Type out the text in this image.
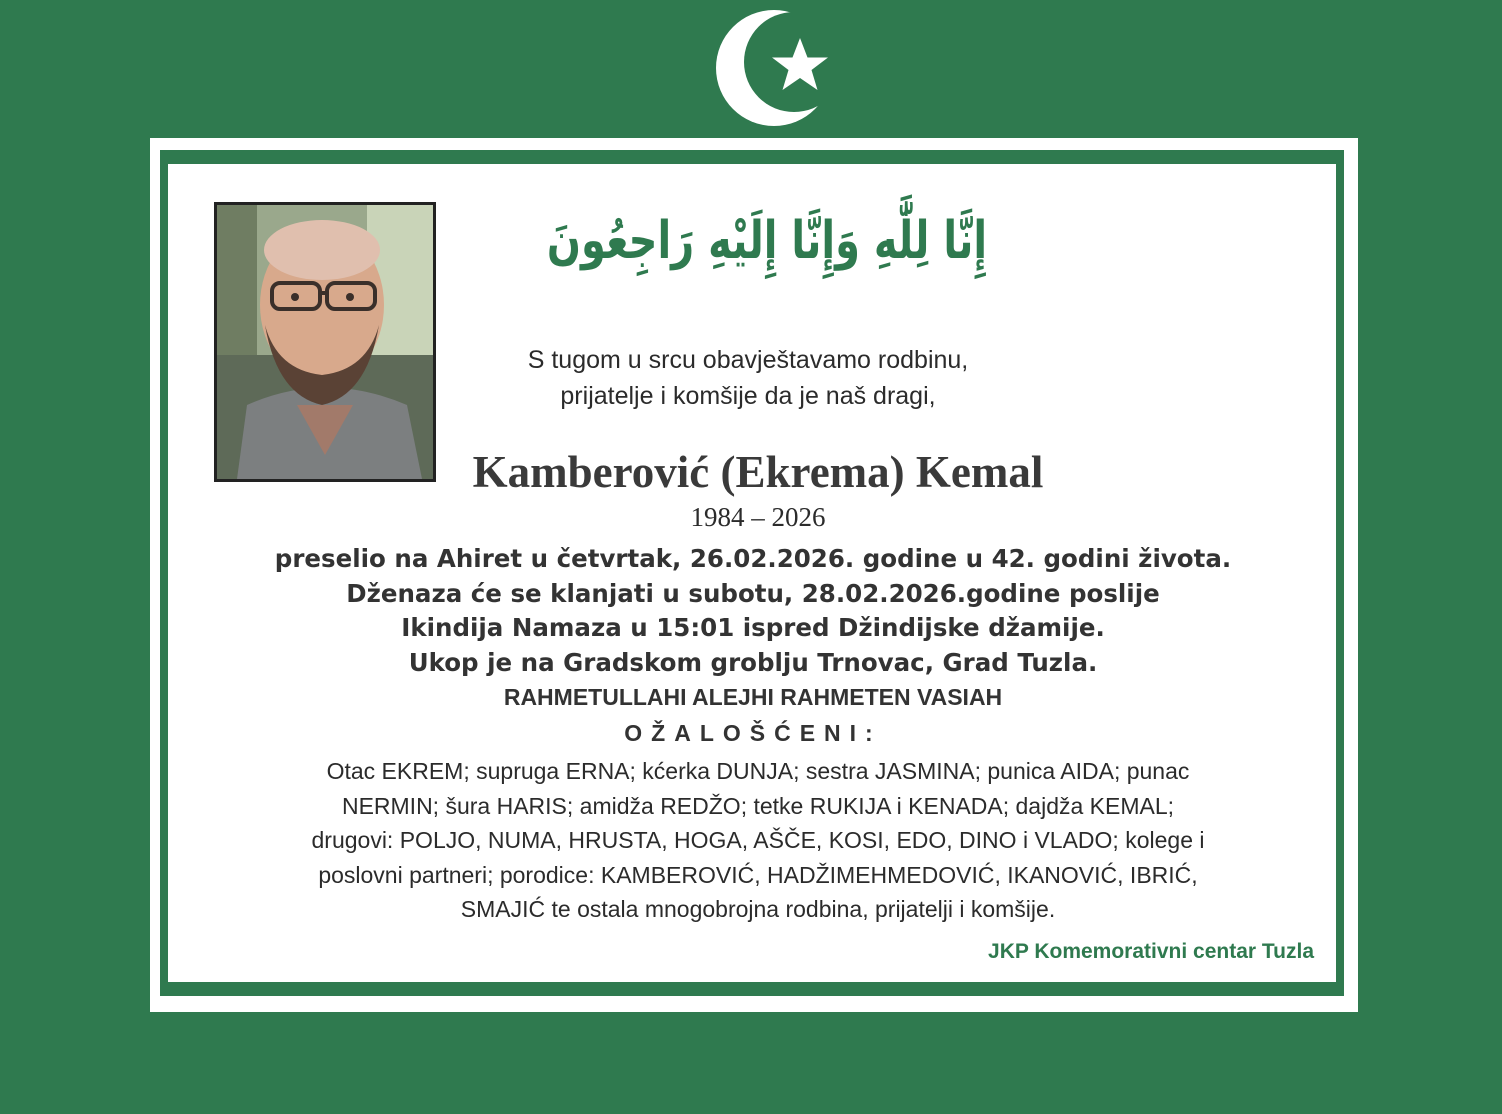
إِنَّا لِلَّٰهِ وَإِنَّا إِلَيْهِ رَاجِعُونَ
S tugom u srcu obavještavamo rodbinu,
prijatelje i komšije da je naš dragi,
Kamberović (Ekrema) Kemal
1984 – 2026
preselio na Ahiret u četvrtak, 26.02.2026. godine u 42. godini života.
Dženaza će se klanjati u subotu, 28.02.2026.godine poslije
Ikindija Namaza u 15:01 ispred Džindijske džamije.
Ukop je na Gradskom groblju Trnovac, Grad Tuzla.
RAHMETULLAHI ALEJHI RAHMETEN VASIAH
OŽALOŠĆENI:
Otac EKREM; supruga ERNA; kćerka DUNJA; sestra JASMINA; punica AIDA; punac
NERMIN; šura HARIS; amidža REDŽO; tetke RUKIJA i KENADA; dajdža KEMAL;
drugovi: POLJO, NUMA, HRUSTA, HOGA, AŠČE, KOSI, EDO, DINO i VLADO; kolege i
poslovni partneri; porodice: KAMBEROVIĆ, HADŽIMEHMEDOVIĆ, IKANOVIĆ, IBRIĆ,
SMAJIĆ te ostala mnogobrojna rodbina, prijatelji i komšije.
JKP Komemorativni centar Tuzla
